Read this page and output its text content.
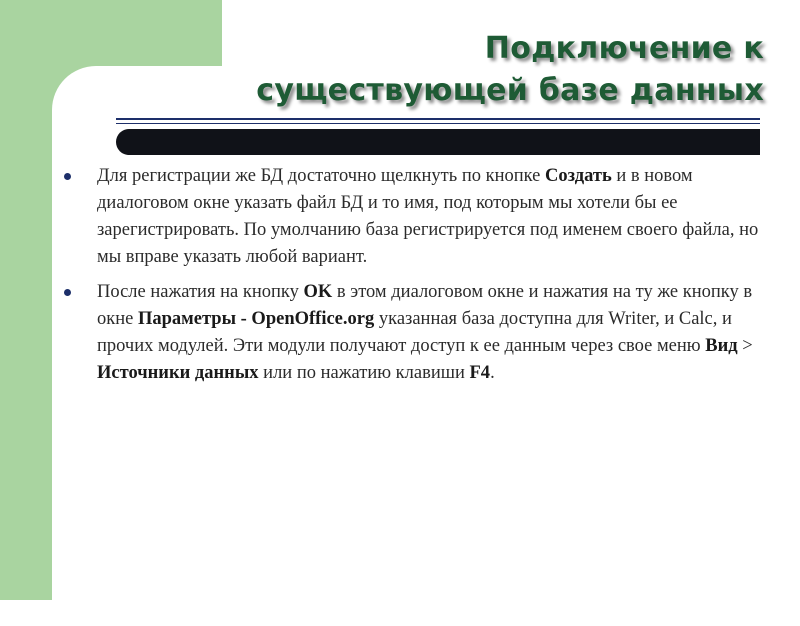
Подключение к
существующей базе данных
Для регистрации же БД достаточно щелкнуть по кнопке Создать и в новом диалоговом окне указать файл БД и то имя, под которым мы хотели бы ее зарегистрировать. По умолчанию база регистрируется под именем своего файла, но мы вправе указать любой вариант.
После нажатия на кнопку OK в этом диалоговом окне и нажатия на ту же кнопку в окне Параметры - OpenOffice.org указанная база доступна для Writer, и Calc, и прочих модулей. Эти модули получают доступ к ее данным через свое меню Вид > Источники данных или по нажатию клавиши F4.
